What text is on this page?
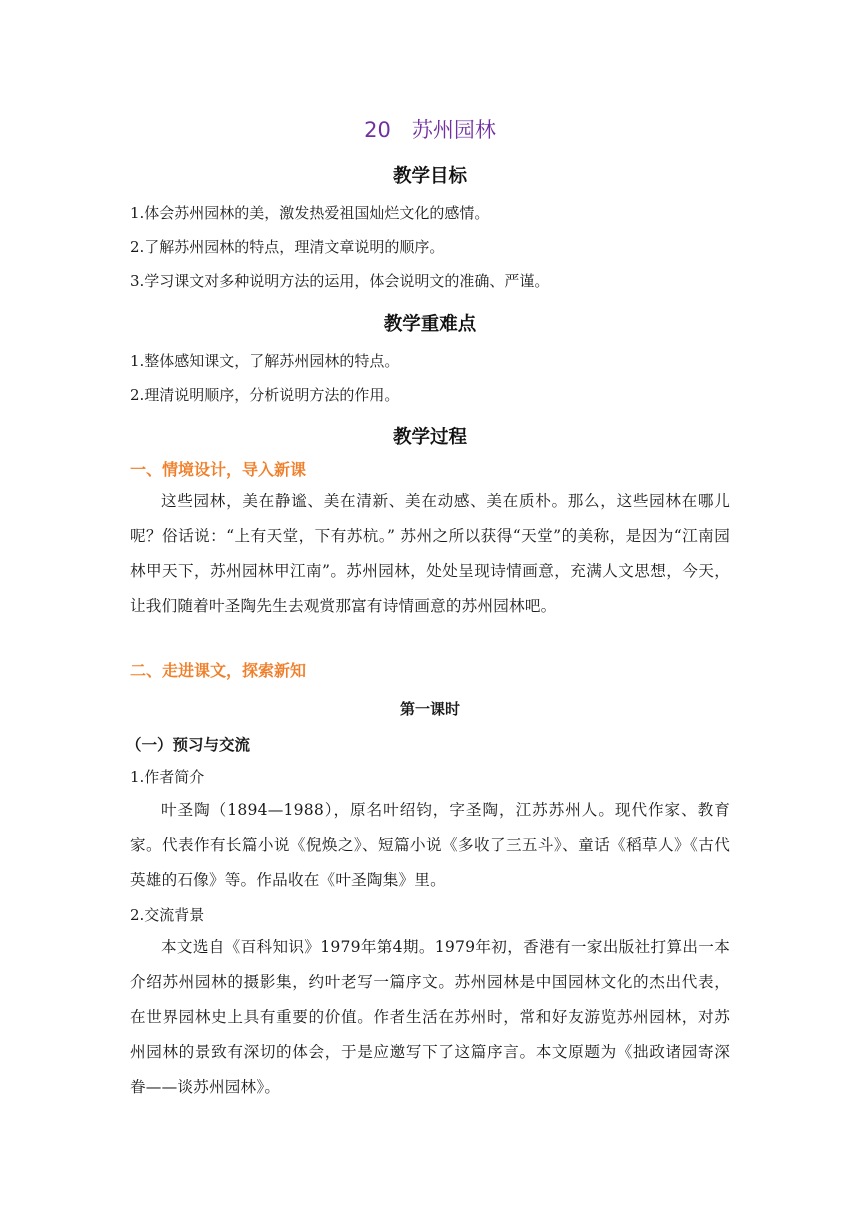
20　苏州园林
教学目标
1.体会苏州园林的美，激发热爱祖国灿烂文化的感情。
2.了解苏州园林的特点，理清文章说明的顺序。
3.学习课文对多种说明方法的运用，体会说明文的准确、严谨。
教学重难点
1.整体感知课文，了解苏州园林的特点。
2.理清说明顺序，分析说明方法的作用。
教学过程
一、情境设计，导入新课
这些园林，美在静谧、美在清新、美在动感、美在质朴。那么，这些园林在哪儿呢？俗话说：“上有天堂，下有苏杭。” 苏州之所以获得“天堂”的美称，是因为“江南园林甲天下，苏州园林甲江南”。苏州园林，处处呈现诗情画意，充满人文思想，今天，让我们随着叶圣陶先生去观赏那富有诗情画意的苏州园林吧。
二、走进课文，探索新知
第一课时
（一）预习与交流
1.作者简介
叶圣陶（1894—1988），原名叶绍钧，字圣陶，江苏苏州人。现代作家、教育家。代表作有长篇小说《倪焕之》、短篇小说《多收了三五斗》、童话《稻草人》《古代英雄的石像》等。作品收在《叶圣陶集》里。
2.交流背景
本文选自《百科知识》1979年第4期。1979年初，香港有一家出版社打算出一本介绍苏州园林的摄影集，约叶老写一篇序文。苏州园林是中国园林文化的杰出代表，在世界园林史上具有重要的价值。作者生活在苏州时，常和好友游览苏州园林，对苏州园林的景致有深切的体会，于是应邀写下了这篇序言。本文原题为《拙政诸园寄深眷——谈苏州园林》。
